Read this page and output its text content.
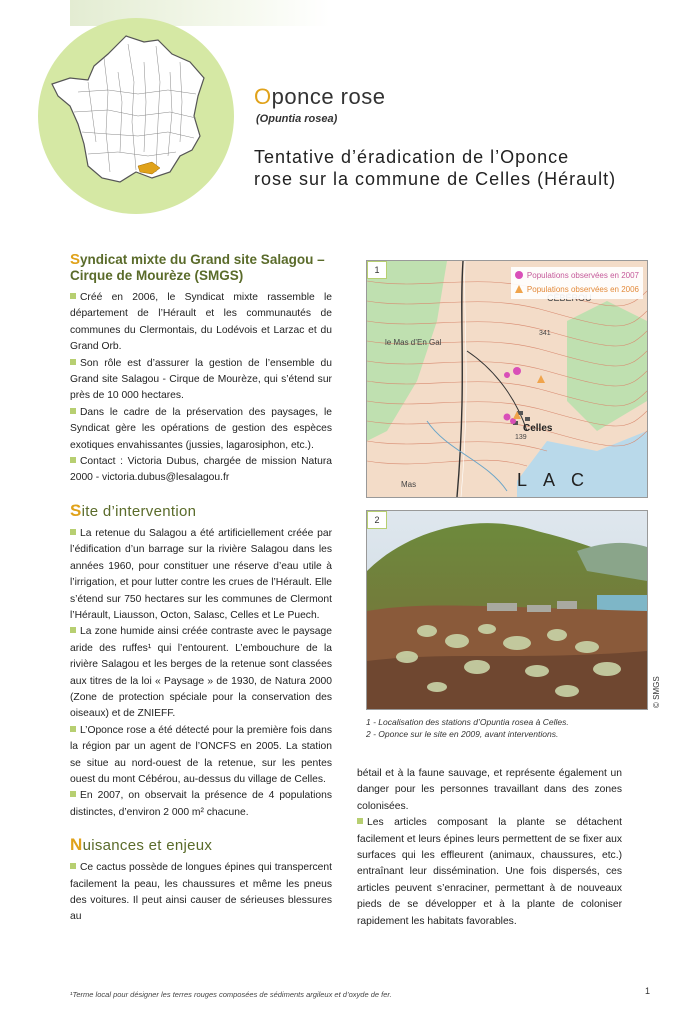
Oponce rose
(Opuntia rosea)
Tentative d’éradication de l’Oponce
rose sur la commune de Celles (Hérault)
Syndicat mixte du Grand site Salagou – Cirque de Mourèze (SMGS)

Créé en 2006, le Syndicat mixte rassemble le département de l’Hérault et les communautés de communes du Clermontais, du Lodévois et Larzac et du Grand Orb.

Son rôle est d’assurer la gestion de l’ensemble du Grand site Salagou - Cirque de Mourèze, qui s’étend sur près de 10 000 hectares.

Dans le cadre de la préservation des paysages, le Syndicat gère les opérations de gestion des espèces exotiques envahissantes (jussies, lagarosiphon, etc.).

Contact : Victoria Dubus, chargée de mission Natura 2000 - victoria.dubus@lesalagou.fr

Site d’intervention

La retenue du Salagou a été artificiellement créée par l’édification d’un barrage sur la rivière Salagou dans les années 1960, pour constituer une réserve d’eau utile à l’irrigation, et pour lutter contre les crues de l’Hérault. Elle s’étend sur 750 hectares sur les communes de Clermont l’Hérault, Liausson, Octon, Salasc, Celles et Le Puech.

La zone humide ainsi créée contraste avec le paysage aride des ruffes¹ qui l’entourent. L’embouchure de la rivière Salagou et les berges de la retenue sont classées aux titres de la loi « Paysage » de 1930, de Natura 2000 (Zone de protection spéciale pour la conservation des oiseaux) et de ZNIEFF.

L’Oponce rose a été détecté pour la première fois dans la région par un agent de l’ONCFS en 2005. La station se situe au nord-ouest de la retenue, sur les pentes ouest du mont Cébérou, au-dessus du village de Celles.

En 2007, on observait la présence de 4 populations distinctes, d’environ 2 000 m² chacune.

Nuisances et enjeux

Ce cactus possède de longues épines qui transpercent facilement la peau, les chaussures et même les pneus des voitures. Il peut ainsi causer de sérieuses blessures au

le Mas d’En Gal
Celles
LAC
Mas
341
139
1
Populations observées en 2007
Populations observées en 2006
2
© SMGS
1 - Localisation des stations d’Opuntia rosea à Celles.
2 - Oponce sur le site en 2009, avant interventions.

bétail et à la faune sauvage, et représente également un danger pour les personnes travaillant dans des zones colonisées.

Les articles composant la plante se détachent facilement et leurs épines leurs permettent de se fixer aux surfaces qui les effleurent (animaux, chaussures, etc.) entraînant leur dissémination. Une fois dispersés, ces articles peuvent s’enraciner, permettant à de nouveaux pieds de se développer et à la plante de coloniser rapidement les habitats favorables.

¹Terme local pour désigner les terres rouges composées de sédiments argileux et d’oxyde de fer.	1
